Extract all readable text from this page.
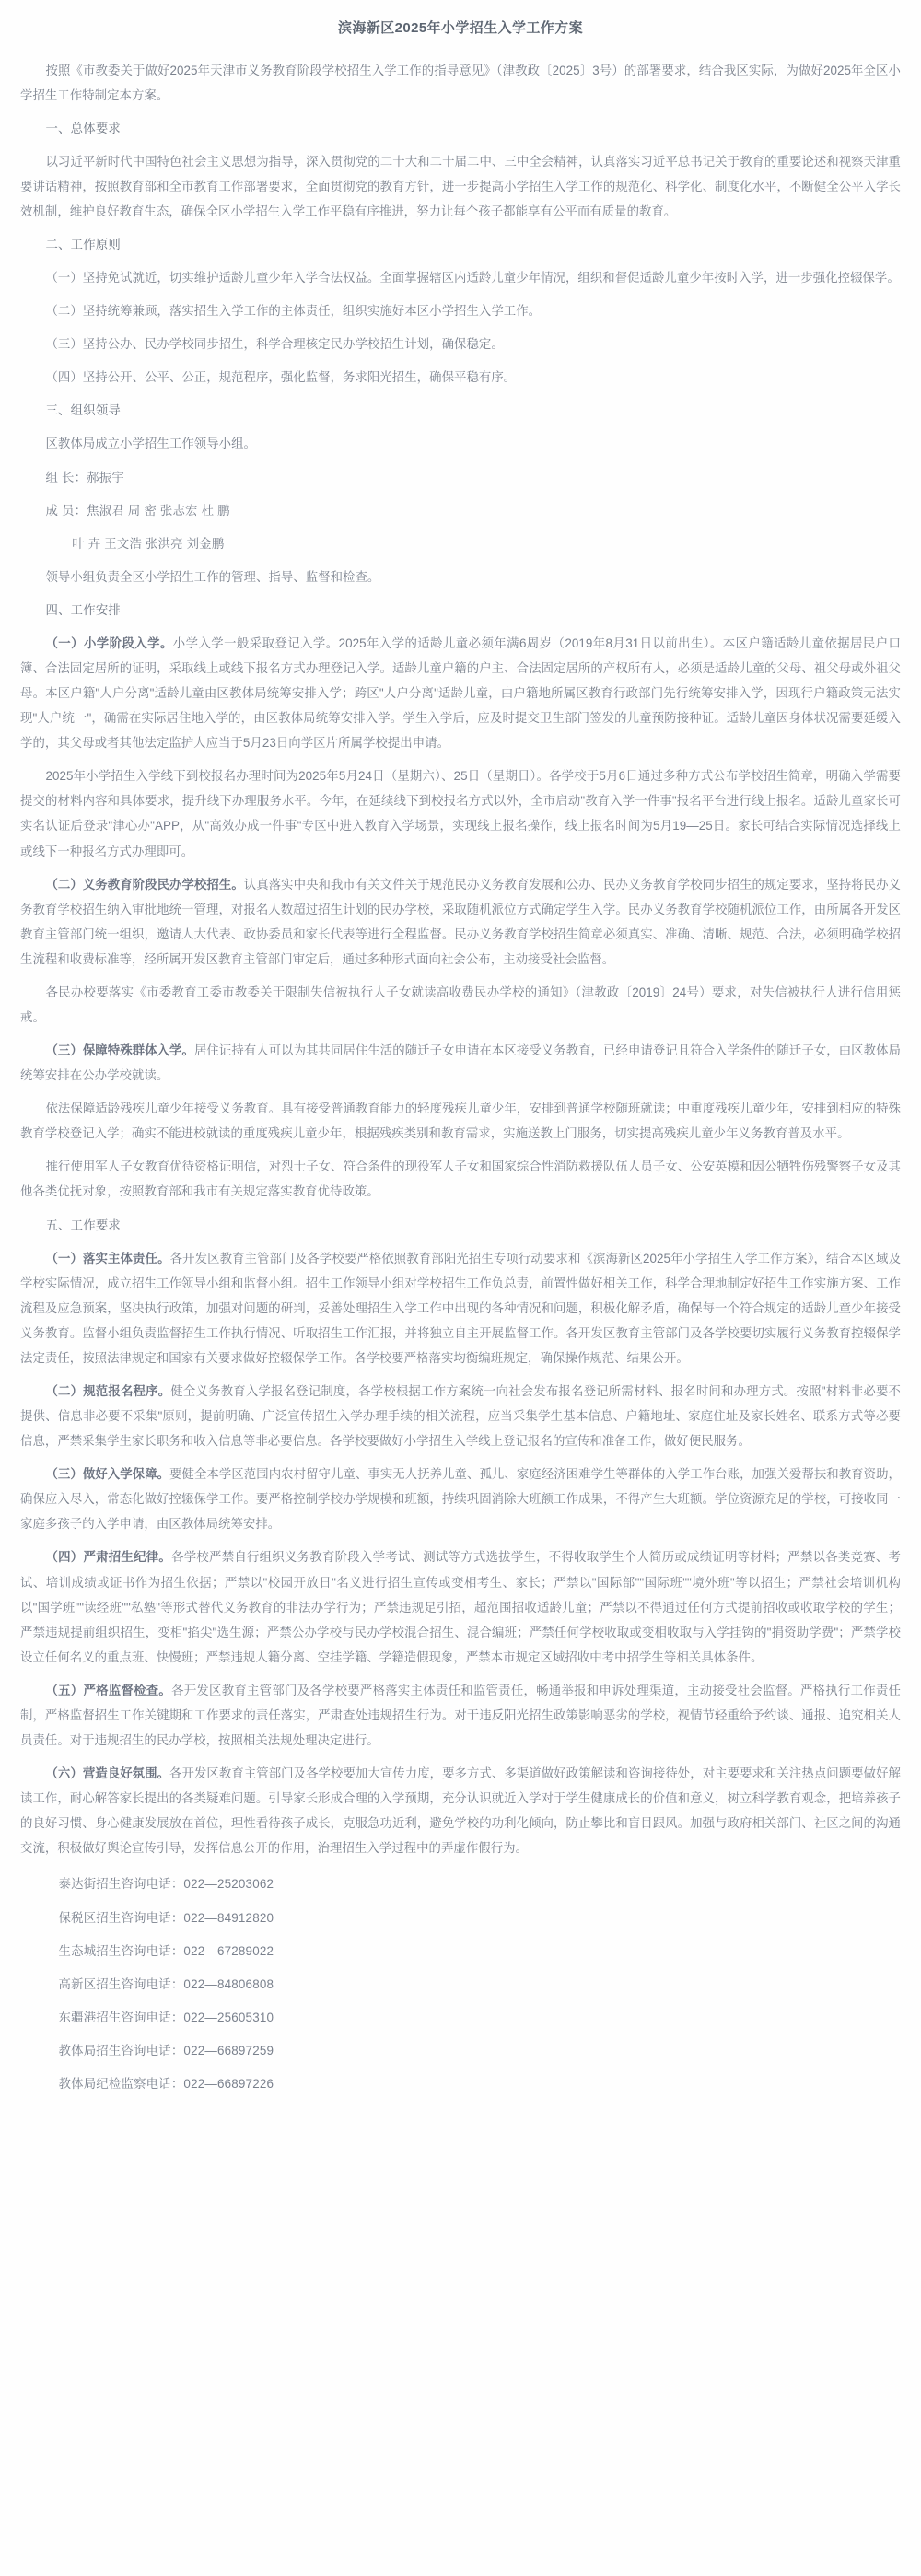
滨海新区2025年小学招生入学工作方案

按照《市教委关于做好2025年天津市义务教育阶段学校招生入学工作的指导意见》（津教政〔2025〕3号）的部署要求，结合我区实际，为做好2025年全区小学招生工作特制定本方案。

一、总体要求

以习近平新时代中国特色社会主义思想为指导，深入贯彻党的二十大和二十届二中、三中全会精神，认真落实习近平总书记关于教育的重要论述和视察天津重要讲话精神，按照教育部和全市教育工作部署要求，全面贯彻党的教育方针，进一步提高小学招生入学工作的规范化、科学化、制度化水平，不断健全公平入学长效机制，维护良好教育生态，确保全区小学招生入学工作平稳有序推进，努力让每个孩子都能享有公平而有质量的教育。

二、工作原则

（一）坚持免试就近，切实维护适龄儿童少年入学合法权益。全面掌握辖区内适龄儿童少年情况，组织和督促适龄儿童少年按时入学，进一步强化控辍保学。

（二）坚持统筹兼顾，落实招生入学工作的主体责任，组织实施好本区小学招生入学工作。

（三）坚持公办、民办学校同步招生，科学合理核定民办学校招生计划，确保稳定。

（四）坚持公开、公平、公正，规范程序，强化监督，务求阳光招生，确保平稳有序。

三、组织领导

区教体局成立小学招生工作领导小组。

组 长：郝振宇

成 员：焦淑君 周 密 张志宏 杜 鹏

叶 卉 王文浩 张洪亮 刘金鹏

领导小组负责全区小学招生工作的管理、指导、监督和检查。

四、工作安排

（一）小学阶段入学。小学入学一般采取登记入学。2025年入学的适龄儿童必须年满6周岁（2019年8月31日以前出生）。本区户籍适龄儿童依据居民户口簿、合法固定居所的证明，采取线上或线下报名方式办理登记入学。适龄儿童户籍的户主、合法固定居所的产权所有人，必须是适龄儿童的父母、祖父母或外祖父母。本区户籍"人户分离"适龄儿童由区教体局统筹安排入学；跨区"人户分离"适龄儿童，由户籍地所属区教育行政部门先行统筹安排入学，因现行户籍政策无法实现"人户统一"，确需在实际居住地入学的，由区教体局统筹安排入学。学生入学后，应及时提交卫生部门签发的儿童预防接种证。适龄儿童因身体状况需要延缓入学的，其父母或者其他法定监护人应当于5月23日向学区片所属学校提出申请。

2025年小学招生入学线下到校报名办理时间为2025年5月24日（星期六）、25日（星期日）。各学校于5月6日通过多种方式公布学校招生简章，明确入学需要提交的材料内容和具体要求，提升线下办理服务水平。今年，在延续线下到校报名方式以外，全市启动"教育入学一件事"报名平台进行线上报名。适龄儿童家长可实名认证后登录"津心办"APP，从"高效办成一件事"专区中进入教育入学场景，实现线上报名操作，线上报名时间为5月19—25日。家长可结合实际情况选择线上或线下一种报名方式办理即可。

（二）义务教育阶段民办学校招生。认真落实中央和我市有关文件关于规范民办义务教育发展和公办、民办义务教育学校同步招生的规定要求，坚持将民办义务教育学校招生纳入审批地统一管理，对报名人数超过招生计划的民办学校，采取随机派位方式确定学生入学。民办义务教育学校随机派位工作，由所属各开发区教育主管部门统一组织，邀请人大代表、政协委员和家长代表等进行全程监督。民办义务教育学校招生简章必须真实、准确、清晰、规范、合法，必须明确学校招生流程和收费标准等，经所属开发区教育主管部门审定后，通过多种形式面向社会公布，主动接受社会监督。

各民办校要落实《市委教育工委市教委关于限制失信被执行人子女就读高收费民办学校的通知》（津教政〔2019〕24号）要求，对失信被执行人进行信用惩戒。

（三）保障特殊群体入学。居住证持有人可以为其共同居住生活的随迁子女申请在本区接受义务教育，已经申请登记且符合入学条件的随迁子女，由区教体局统筹安排在公办学校就读。

依法保障适龄残疾儿童少年接受义务教育。具有接受普通教育能力的轻度残疾儿童少年，安排到普通学校随班就读；中重度残疾儿童少年，安排到相应的特殊教育学校登记入学；确实不能进校就读的重度残疾儿童少年，根据残疾类别和教育需求，实施送教上门服务，切实提高残疾儿童少年义务教育普及水平。

推行使用军人子女教育优待资格证明信，对烈士子女、符合条件的现役军人子女和国家综合性消防救援队伍人员子女、公安英模和因公牺牲伤残警察子女及其他各类优抚对象，按照教育部和我市有关规定落实教育优待政策。

五、工作要求

（一）落实主体责任。各开发区教育主管部门及各学校要严格依照教育部阳光招生专项行动要求和《滨海新区2025年小学招生入学工作方案》，结合本区域及学校实际情况，成立招生工作领导小组和监督小组。招生工作领导小组对学校招生工作负总责，前置性做好相关工作，科学合理地制定好招生工作实施方案、工作流程及应急预案，坚决执行政策，加强对问题的研判，妥善处理招生入学工作中出现的各种情况和问题，积极化解矛盾，确保每一个符合规定的适龄儿童少年接受义务教育。监督小组负责监督招生工作执行情况、听取招生工作汇报，并将独立自主开展监督工作。各开发区教育主管部门及各学校要切实履行义务教育控辍保学法定责任，按照法律规定和国家有关要求做好控辍保学工作。各学校要严格落实均衡编班规定，确保操作规范、结果公开。

（二）规范报名程序。健全义务教育入学报名登记制度，各学校根据工作方案统一向社会发布报名登记所需材料、报名时间和办理方式。按照"材料非必要不提供、信息非必要不采集"原则，提前明确、广泛宣传招生入学办理手续的相关流程，应当采集学生基本信息、户籍地址、家庭住址及家长姓名、联系方式等必要信息，严禁采集学生家长职务和收入信息等非必要信息。各学校要做好小学招生入学线上登记报名的宣传和准备工作，做好便民服务。

（三）做好入学保障。要健全本学区范围内农村留守儿童、事实无人抚养儿童、孤儿、家庭经济困难学生等群体的入学工作台账，加强关爱帮扶和教育资助，确保应入尽入，常态化做好控辍保学工作。要严格控制学校办学规模和班额，持续巩固消除大班额工作成果，不得产生大班额。学位资源充足的学校，可接收同一家庭多孩子的入学申请，由区教体局统筹安排。

（四）严肃招生纪律。各学校严禁自行组织义务教育阶段入学考试、测试等方式选拔学生，不得收取学生个人简历或成绩证明等材料；严禁以各类竞赛、考试、培训成绩或证书作为招生依据；严禁以"校园开放日"名义进行招生宣传或变相考生、家长；严禁以"国际部""国际班""境外班"等以招生；严禁社会培训机构以"国学班""读经班""私塾"等形式替代义务教育的非法办学行为；严禁违规足引招，超范围招收适龄儿童；严禁以不得通过任何方式提前招收或收取学校的学生；严禁违规提前组织招生，变相"掐尖"选生源；严禁公办学校与民办学校混合招生、混合编班；严禁任何学校收取或变相收取与入学挂钩的"捐资助学费"；严禁学校设立任何名义的重点班、快慢班；严禁违规人籍分离、空挂学籍、学籍造假现象，严禁本市规定区域招收中考中招学生等相关具体条件。

（五）严格监督检查。各开发区教育主管部门及各学校要严格落实主体责任和监管责任，畅通举报和申诉处理渠道，主动接受社会监督。严格执行工作责任制，严格监督招生工作关键期和工作要求的责任落实，严肃查处违规招生行为。对于违反阳光招生政策影响恶劣的学校，视情节轻重给予约谈、通报、追究相关人员责任。对于违规招生的民办学校，按照相关法规处理决定进行。

（六）营造良好氛围。各开发区教育主管部门及各学校要加大宣传力度，要多方式、多渠道做好政策解读和咨询接待处，对主要要求和关注热点问题要做好解读工作，耐心解答家长提出的各类疑难问题。引导家长形成合理的入学预期，充分认识就近入学对于学生健康成长的价值和意义，树立科学教育观念，把培养孩子的良好习惯、身心健康发展放在首位，理性看待孩子成长，克服急功近利，避免学校的功利化倾向，防止攀比和盲目跟风。加强与政府相关部门、社区之间的沟通交流，积极做好舆论宣传引导，发挥信息公开的作用，治理招生入学过程中的弄虚作假行为。

泰达街招生咨询电话：022—25203062

保税区招生咨询电话：022—84912820

生态城招生咨询电话：022—67289022

高新区招生咨询电话：022—84806808

东疆港招生咨询电话：022—25605310

教体局招生咨询电话：022—66897259

教体局纪检监察电话：022—66897226
